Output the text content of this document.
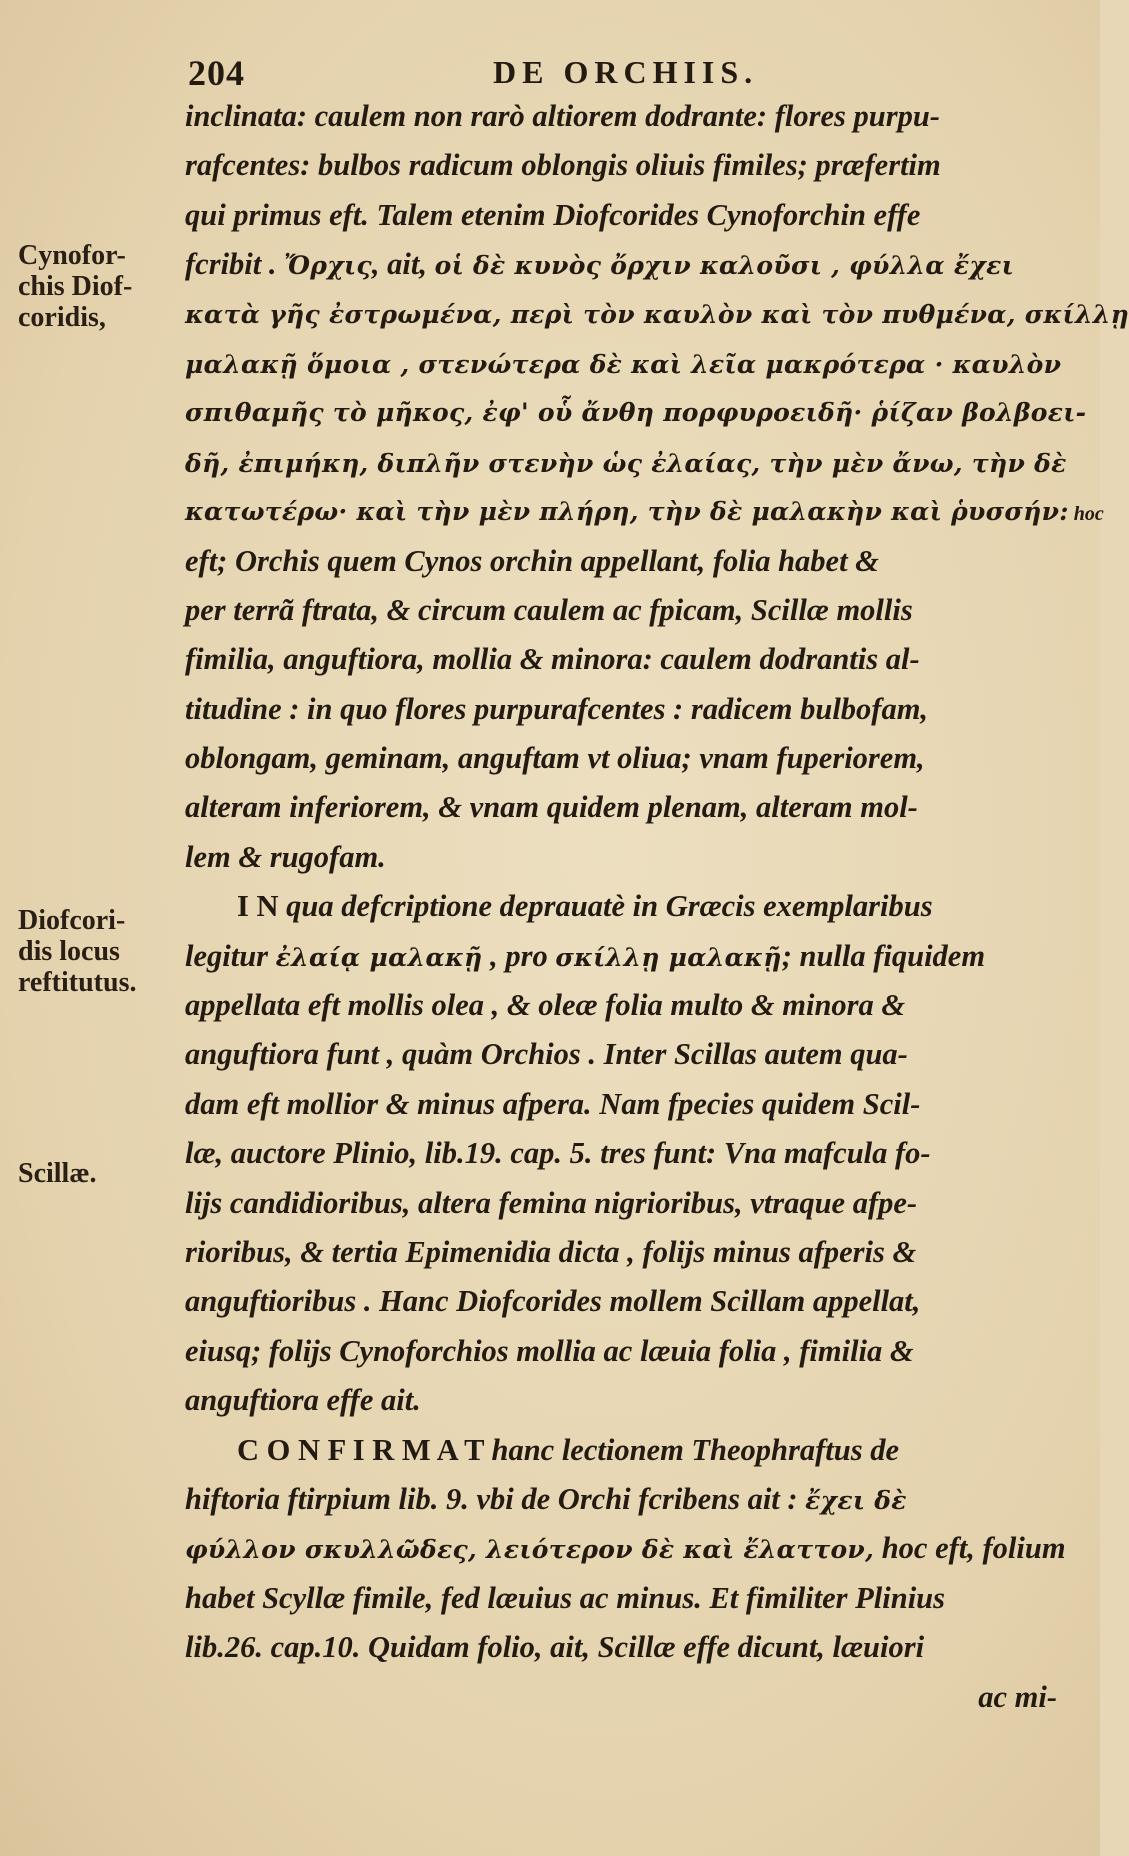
204	DE ORCHIIS.
Cynofor-
chis Diof-
coridis,
Diofcori-
dis locus
reftitutus.
Scillæ.
inclinata: caulem non rarò altiorem dodrante: flores purpu-
rafcentes: bulbos radicum oblongis oliuis fimiles; præfertim
qui primus eft. Talem etenim Diofcorides Cynoforchin effe
fcribit . Ὄρχις, ait, οἱ δὲ κυνὸς ὄρχιν καλοῦσι , φύλλα ἔχει
κατὰ γῆς ἐστρωμένα, περὶ τὸν καυλὸν καὶ τὸν πυθμένα, σκίλλῃ
μαλακῇ ὅμοια , στενώτερα δὲ καὶ λεῖα μακρότερα · καυλὸν
σπιθαμῆς τὸ μῆκος, ἐφ' οὗ ἄνθη πορφυροειδῆ· ῥίζαν βολβοει-
δῆ, ἐπιμήκη, διπλῆν στενὴν ὡς ἐλαίας, τὴν μὲν ἄνω, τὴν δὲ
κατωτέρω· καὶ τὴν μὲν πλήρη, τὴν δὲ μαλακὴν καὶ ῥυσσήν: hoc
eft; Orchis quem Cynos orchin appellant, folia habet &
per terrã ftrata, & circum caulem ac fpicam, Scillæ mollis
fimilia, anguftiora, mollia & minora: caulem dodrantis al-
titudine : in quo flores purpurafcentes : radicem bulbofam,
oblongam, geminam, anguftam vt oliua; vnam fuperiorem,
alteram inferiorem, & vnam quidem plenam, alteram mol-
lem & rugofam.
I N qua defcriptione deprauatè in Græcis exemplaribus
legitur ἐλαίᾳ μαλακῇ , pro σκίλλῃ μαλακῇ; nulla fiquidem
appellata eft mollis olea , & oleæ folia multo & minora &
anguftiora funt , quàm Orchios . Inter Scillas autem qua-
dam eft mollior & minus afpera. Nam fpecies quidem Scil-
læ, auctore Plinio, lib.19. cap. 5. tres funt: Vna mafcula fo-
lijs candidioribus, altera femina nigrioribus, vtraque afpe-
rioribus, & tertia Epimenidia dicta , folijs minus afperis &
anguftioribus . Hanc Diofcorides mollem Scillam appellat,
eiusq; folijs Cynoforchios mollia ac læuia folia , fimilia &
anguftiora effe ait.
C O N F I R M A T hanc lectionem Theophraftus de
hiftoria ftirpium lib. 9. vbi de Orchi fcribens ait : ἔχει δὲ
φύλλον σκυλλῶδες, λειότερον δὲ καὶ ἔλαττον, hoc eft, folium
habet Scyllæ fimile, fed læuius ac minus. Et fimiliter Plinius
lib.26. cap.10. Quidam folio, ait, Scillæ effe dicunt, læuiori
ac mi-
